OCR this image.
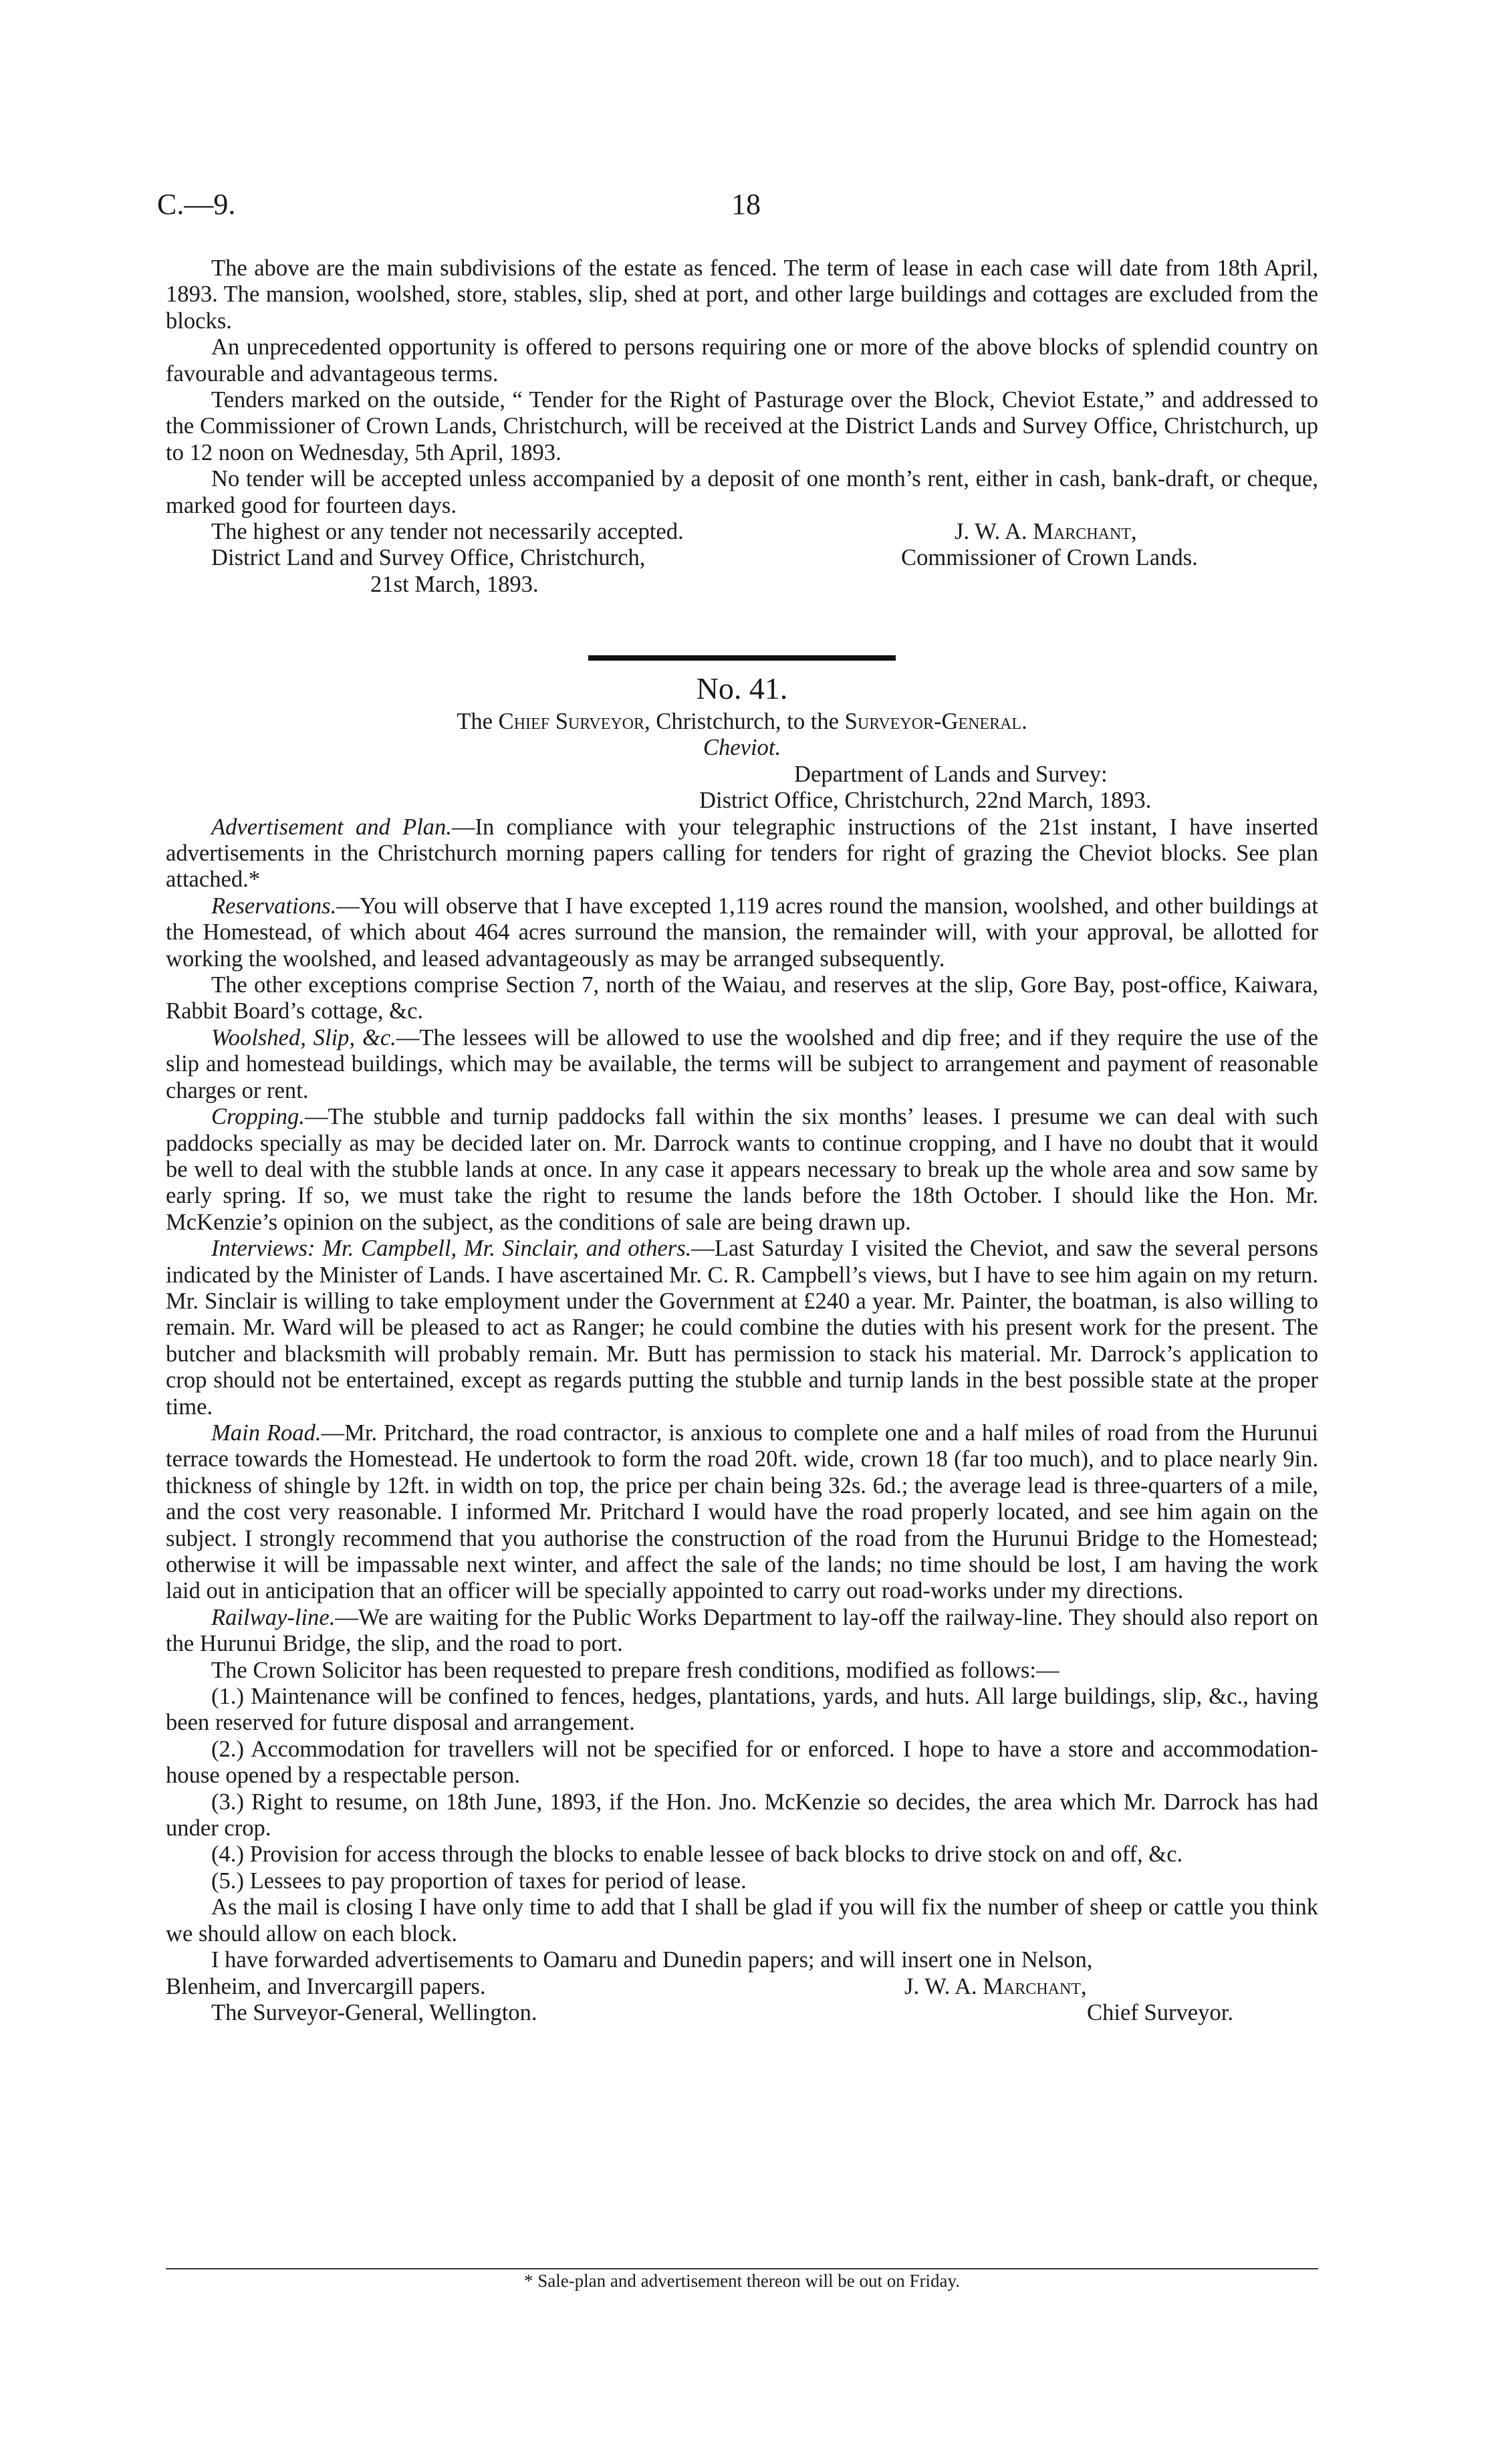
C.—9.	18

The above are the main subdivisions of the estate as fenced. The term of lease in each case will date from 18th April, 1893. The mansion, woolshed, store, stables, slip, shed at port, and other large buildings and cottages are excluded from the blocks.

An unprecedented opportunity is offered to persons requiring one or more of the above blocks of splendid country on favourable and advantageous terms.

Tenders marked on the outside, “ Tender for the Right of Pasturage over the Block, Cheviot Estate,” and addressed to the Commissioner of Crown Lands, Christchurch, will be received at the District Lands and Survey Office, Christchurch, up to 12 noon on Wednesday, 5th April, 1893.

No tender will be accepted unless accompanied by a deposit of one month’s rent, either in cash, bank-draft, or cheque, marked good for fourteen days.

The highest or any tender not necessarily accepted.	J. W. A. Marchant,
District Land and Survey Office, Christchurch,	Commissioner of Crown Lands.
21st March, 1893.
No. 41.
The Chief Surveyor, Christchurch, to the Surveyor-General.
Cheviot.
Department of Lands and Survey:
District Office, Christchurch, 22nd March, 1893.

Advertisement and Plan.—In compliance with your telegraphic instructions of the 21st instant, I have inserted advertisements in the Christchurch morning papers calling for tenders for right of grazing the Cheviot blocks. See plan attached.*

Reservations.—You will observe that I have excepted 1,119 acres round the mansion, woolshed, and other buildings at the Homestead, of which about 464 acres surround the mansion, the remainder will, with your approval, be allotted for working the woolshed, and leased advantageously as may be arranged subsequently.

The other exceptions comprise Section 7, north of the Waiau, and reserves at the slip, Gore Bay, post-office, Kaiwara, Rabbit Board’s cottage, &c.

Woolshed, Slip, &c.—The lessees will be allowed to use the woolshed and dip free; and if they require the use of the slip and homestead buildings, which may be available, the terms will be subject to arrangement and payment of reasonable charges or rent.

Cropping.—The stubble and turnip paddocks fall within the six months’ leases. I presume we can deal with such paddocks specially as may be decided later on. Mr. Darrock wants to continue cropping, and I have no doubt that it would be well to deal with the stubble lands at once. In any case it appears necessary to break up the whole area and sow same by early spring. If so, we must take the right to resume the lands before the 18th October. I should like the Hon. Mr. McKenzie’s opinion on the subject, as the conditions of sale are being drawn up.

Interviews: Mr. Campbell, Mr. Sinclair, and others.—Last Saturday I visited the Cheviot, and saw the several persons indicated by the Minister of Lands. I have ascertained Mr. C. R. Campbell’s views, but I have to see him again on my return. Mr. Sinclair is willing to take employment under the Government at £240 a year. Mr. Painter, the boatman, is also willing to remain. Mr. Ward will be pleased to act as Ranger; he could combine the duties with his present work for the present. The butcher and blacksmith will probably remain. Mr. Butt has permission to stack his material. Mr. Darrock’s application to crop should not be entertained, except as regards putting the stubble and turnip lands in the best possible state at the proper time.

Main Road.—Mr. Pritchard, the road contractor, is anxious to complete one and a half miles of road from the Hurunui terrace towards the Homestead. He undertook to form the road 20ft. wide, crown 18 (far too much), and to place nearly 9in. thickness of shingle by 12ft. in width on top, the price per chain being 32s. 6d.; the average lead is three-quarters of a mile, and the cost very reasonable. I informed Mr. Pritchard I would have the road properly located, and see him again on the subject. I strongly recommend that you authorise the construction of the road from the Hurunui Bridge to the Homestead; otherwise it will be impassable next winter, and affect the sale of the lands; no time should be lost, I am having the work laid out in anticipation that an officer will be specially appointed to carry out road-works under my directions.

Railway-line.—We are waiting for the Public Works Department to lay-off the railway-line. They should also report on the Hurunui Bridge, the slip, and the road to port.

The Crown Solicitor has been requested to prepare fresh conditions, modified as follows:—

(1.) Maintenance will be confined to fences, hedges, plantations, yards, and huts. All large buildings, slip, &c., having been reserved for future disposal and arrangement.

(2.) Accommodation for travellers will not be specified for or enforced. I hope to have a store and accommodation-house opened by a respectable person.

(3.) Right to resume, on 18th June, 1893, if the Hon. Jno. McKenzie so decides, the area which Mr. Darrock has had under crop.

(4.) Provision for access through the blocks to enable lessee of back blocks to drive stock on and off, &c.

(5.) Lessees to pay proportion of taxes for period of lease.

As the mail is closing I have only time to add that I shall be glad if you will fix the number of sheep or cattle you think we should allow on each block.

I have forwarded advertisements to Oamaru and Dunedin papers; and will insert one in Nelson,

Blenheim, and Invercargill papers.	J. W. A. Marchant,
The Surveyor-General, Wellington.	Chief Surveyor.
* Sale-plan and advertisement thereon will be out on Friday.
